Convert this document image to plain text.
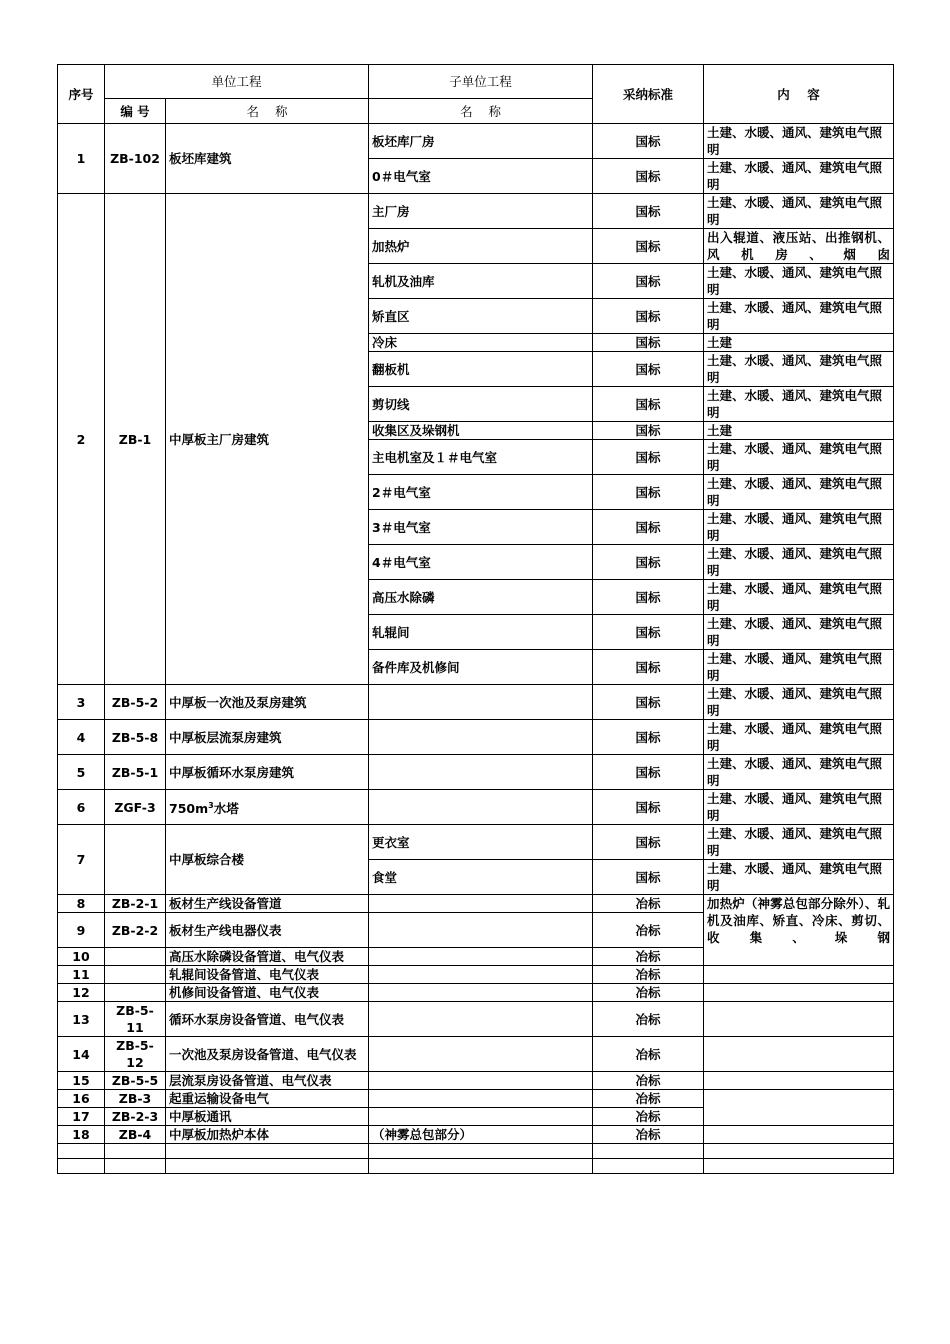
序号	单位工程		子单位工程	采纳标准	内    容
	编 号	名    称	名    称		
1	ZB-102	板坯库建筑	板坯库厂房	国标	土建、水暖、通风、建筑电气照明
			0＃电气室	国标	土建、水暖、通风、建筑电气照明
2	ZB-1	中厚板主厂房建筑	主厂房	国标	土建、水暖、通风、建筑电气照明
			加热炉	国标	出入辊道、液压站、出推钢机、风机房、烟囱
			轧机及油库	国标	土建、水暖、通风、建筑电气照明
			矫直区	国标	土建、水暖、通风、建筑电气照明
			冷床	国标	土建
			翻板机	国标	土建、水暖、通风、建筑电气照明
			剪切线	国标	土建、水暖、通风、建筑电气照明
			收集区及垛钢机	国标	土建
			主电机室及１＃电气室	国标	土建、水暖、通风、建筑电气照明
			2＃电气室	国标	土建、水暖、通风、建筑电气照明
			3＃电气室	国标	土建、水暖、通风、建筑电气照明
			4＃电气室	国标	土建、水暖、通风、建筑电气照明
			高压水除磷	国标	土建、水暖、通风、建筑电气照明
			轧辊间	国标	土建、水暖、通风、建筑电气照明
			备件库及机修间	国标	土建、水暖、通风、建筑电气照明
3	ZB-5-2	中厚板一次池及泵房建筑		国标	土建、水暖、通风、建筑电气照明
4	ZB-5-8	中厚板层流泵房建筑		国标	土建、水暖、通风、建筑电气照明
5	ZB-5-1	中厚板循环水泵房建筑		国标	土建、水暖、通风、建筑电气照明
6	ZGF-3	$750m^3$水塔		国标	土建、水暖、通风、建筑电气照明
7		中厚板综合楼	更衣室	国标	土建、水暖、通风、建筑电气照明
			食堂	国标	土建、水暖、通风、建筑电气照明
8	ZB-2-1	板材生产线设备管道		冶标	加热炉（神雾总包部分除外）、轧机及油库、矫直、冷床、剪切、收集、垛钢
9	ZB-2-2	板材生产线电器仪表		冶标	
10		高压水除磷设备管道、电气仪表		冶标	
11		轧辊间设备管道、电气仪表		冶标	
12		机修间设备管道、电气仪表		冶标	
13	ZB-5-11	循环水泵房设备管道、电气仪表		冶标	
14	ZB-5-12	一次池及泵房设备管道、电气仪表		冶标	
15	ZB-5-5	层流泵房设备管道、电气仪表		冶标	
16	ZB-3	起重运输设备电气		冶标	
17	ZB-2-3	中厚板通讯		冶标	
18	ZB-4	中厚板加热炉本体	（神雾总包部分）	冶标	
